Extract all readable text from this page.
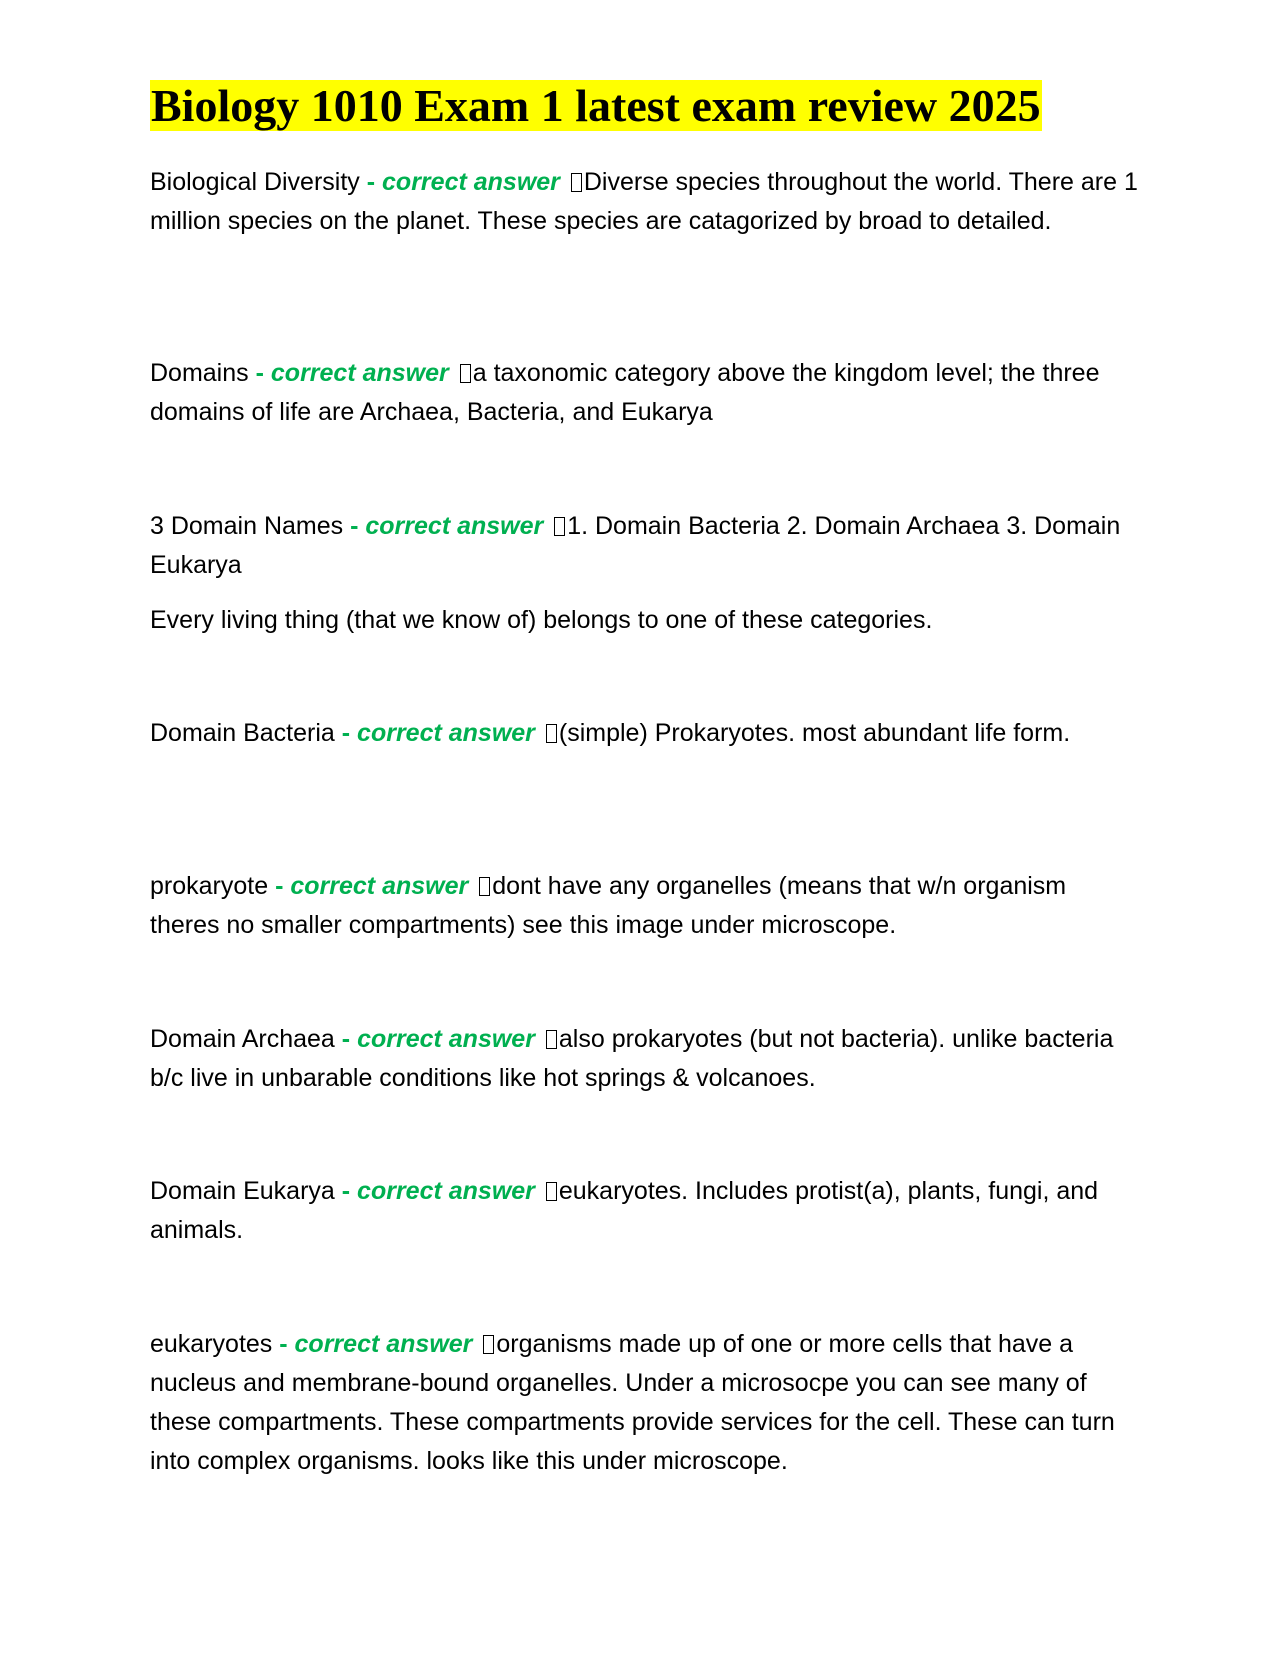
Biology 1010 Exam 1 latest exam review 2025

Biological Diversity - correct answer Diverse species throughout the world. There are 1 million species on the planet. These species are catagorized by broad to detailed.

Domains - correct answer a taxonomic category above the kingdom level; the three domains of life are Archaea, Bacteria, and Eukarya

3 Domain Names - correct answer 1. Domain Bacteria 2. Domain Archaea 3. Domain Eukarya

Every living thing (that we know of) belongs to one of these categories.

Domain Bacteria - correct answer (simple) Prokaryotes. most abundant life form.

prokaryote - correct answer dont have any organelles (means that w/n organism theres no smaller compartments) see this image under microscope.

Domain Archaea - correct answer also prokaryotes (but not bacteria). unlike bacteria b/c live in unbarable conditions like hot springs & volcanoes.

Domain Eukarya - correct answer eukaryotes. Includes protist(a), plants, fungi, and animals.

eukaryotes - correct answer organisms made up of one or more cells that have a nucleus and membrane-bound organelles. Under a microsocpe you can see many of these compartments. These compartments provide services for the cell. These can turn into complex organisms. looks like this under microscope.
